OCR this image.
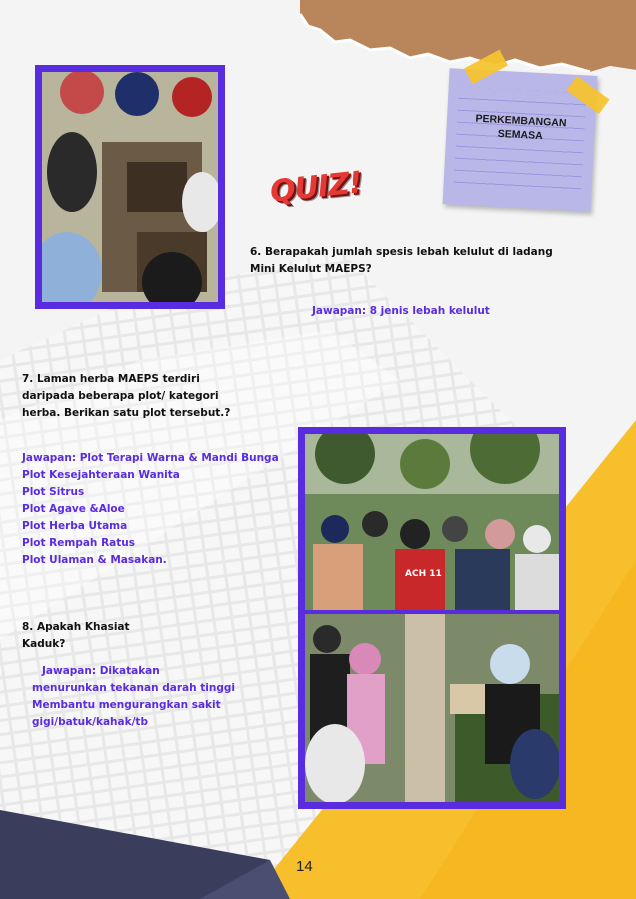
PERKEMBANGAN
SEMASA
QUIZ!
6. Berapakah jumlah spesis lebah kelulut di ladang
Mini Kelulut MAEPS?
Jawapan: 8 jenis lebah kelulut
7. Laman herba MAEPS terdiri
daripada beberapa plot/ kategori
herba. Berikan satu plot tersebut.?
Jawapan: Plot Terapi Warna & Mandi Bunga
Plot Kesejahteraan Wanita
Plot Sitrus
Plot Agave &Aloe
Plot Herba Utama
Plot Rempah Ratus
Plot Ulaman & Masakan.
8. Apakah Khasiat
Kaduk?
Jawapan: Dikatakan
menurunkan tekanan darah tinggi
Membantu mengurangkan sakit
gigi/batuk/kahak/tb
ACH 11
14
